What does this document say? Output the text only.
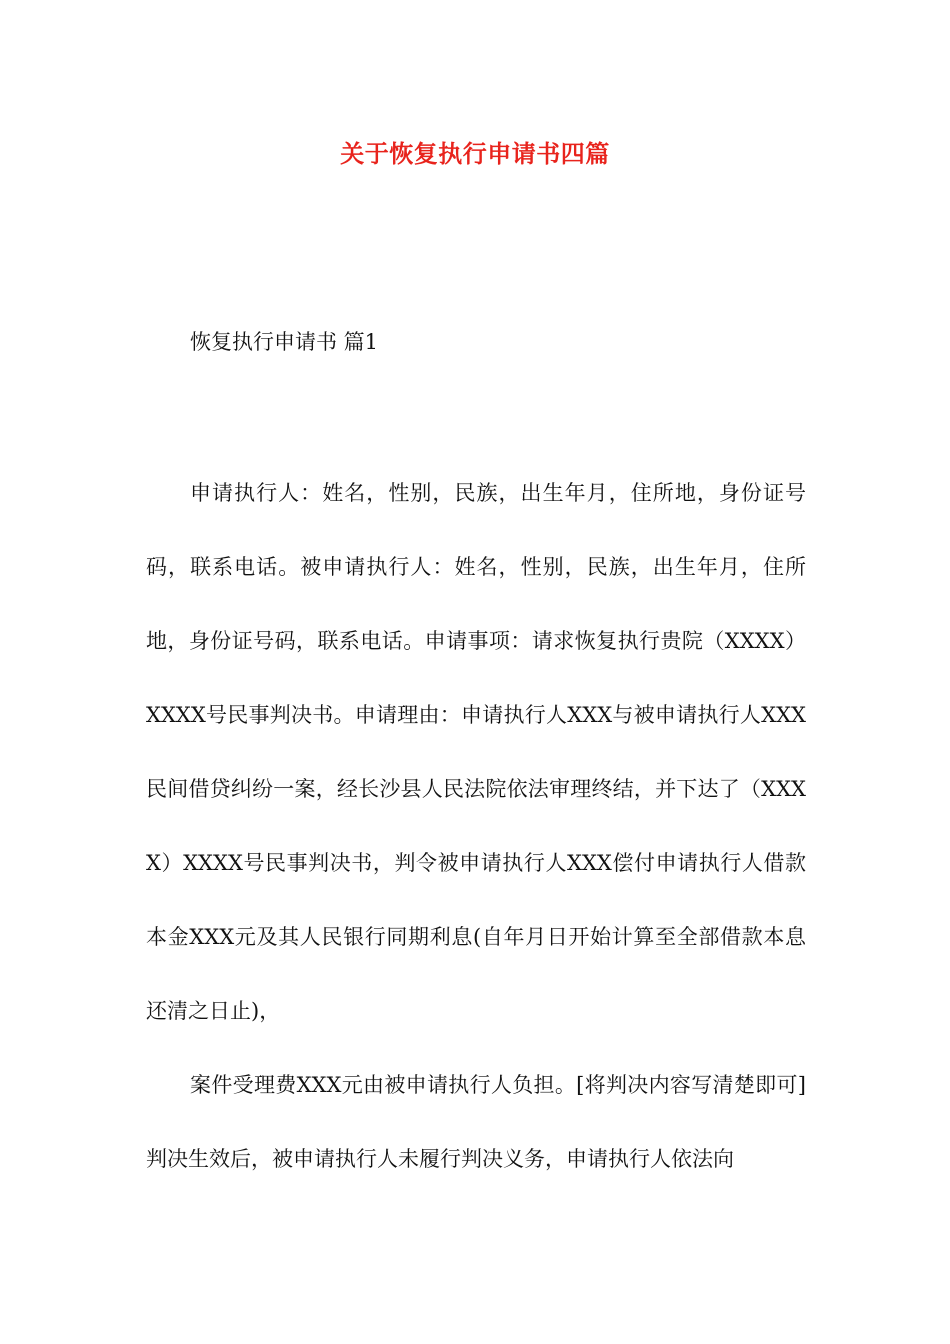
关于恢复执行申请书四篇
恢复执行申请书 篇1

申请执行人：姓名，性别，民族，出生年月，住所地，身份证号码，联系电话。被申请执行人：姓名，性别，民族，出生年月，住所地，身份证号码，联系电话。申请事项：请求恢复执行贵院（XXXX）XXXX号民事判决书。申请理由：申请执行人XXX与被申请执行人XXX民间借贷纠纷一案，经长沙县人民法院依法审理终结，并下达了（XXXX）XXXX号民事判决书，判令被申请执行人XXX偿付申请执行人借款本金XXX元及其人民银行同期利息(自年月日开始计算至全部借款本息还清之日止)，

案件受理费XXX元由被申请执行人负担。[将判决内容写清楚即可]判决生效后，被申请执行人未履行判决义务，申请执行人依法向
